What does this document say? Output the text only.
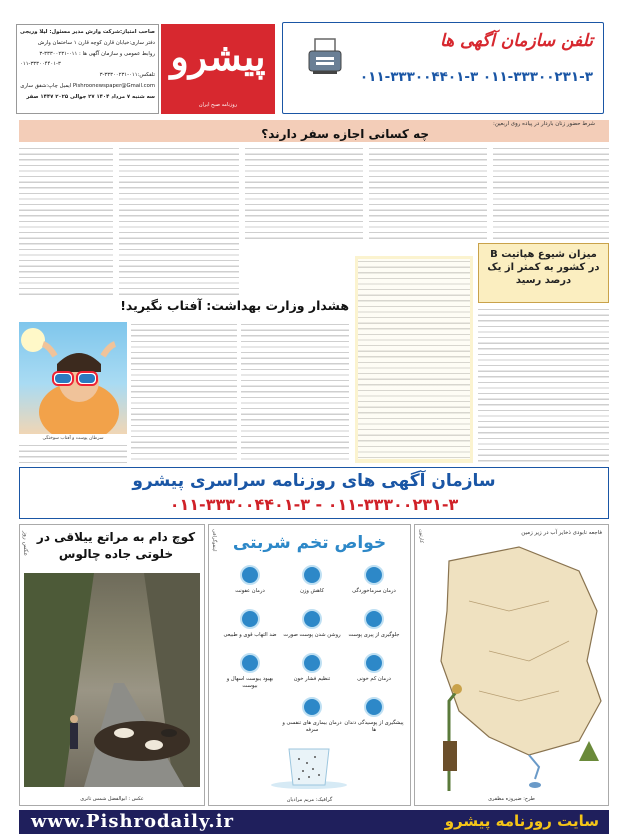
صاحب امتیاز:شرکت وارش مدیر مسئول: لیلا وریجی
دفتر ساری:خیابان قارن کوچه قارن ۱ ساختمان وارش
روابط عمومی و سازمان آگهی ها : ۰۱۱-۳۳۳۰۰۲۳۱-۳
۰۱۱-۳۳۳۰۰۴۴۰۱-۳
تلفکس:۰۱۱-۳۳۳۰۰۲۳۱-۳
Pishroonewspaper@Gmail.com ایمیل چاپ:شفق ساری
سه شنبه ۷ مرداد ۱۴۰۴ ۲۷ جوالی ۲۰۲۵ ۱۴۴۷ صفر
پیشرو
روزنامه صبح ایران
تلفن سازمان آگهی ها
۰۱۱-۳۳۳۰۰۲۳۱-۳ ۰۱۱-۳۳۳۰۰۴۴۰۱-۳
شرط حضور زنان باردار در پیاده روی اربعین:
چه کسانی اجازه سفر دارند؟
میزان شیوع هپاتیت B در کشور به کمتر از یک درصد رسید
هشدار وزارت بهداشت: آفتاب نگیرید!
سرطان پوست و آفتاب سوختگی
سازمان آگهی های روزنامه سراسری پیشرو
۰۱۱-۳۳۳۰۰۲۳۱-۳ - ۰۱۱-۳۳۳۰۰۴۴۰۱-۳
عکس روز کوچ دام به مراتع ییلاقی در خلوتی جاده چالوس
عکس : ابوالفضل شمس تاتری
اینفوگرافی خواص تخم شربتی
درمان سرماخوردگی
کاهش وزن
درمان عفونت
جلوگیری از پیری پوست
روشن شدن پوست صورت
ضد التهاب قوی و طبیعی
درمان کم خونی
تنظیم فشار خون
بهبود یبوست اسهال و بیوست
پیشگیری از پوسیدگی دندان ها
درمان بیماری های تنفسی و سرفه
گرافیک: مریم مرادیان
کارتون	فاجعه نابودی ذخایر آب در زیر زمین
طرح: ضیروزه مظفری
سایت روزنامه پیشرو
www.Pishrodaily.ir
